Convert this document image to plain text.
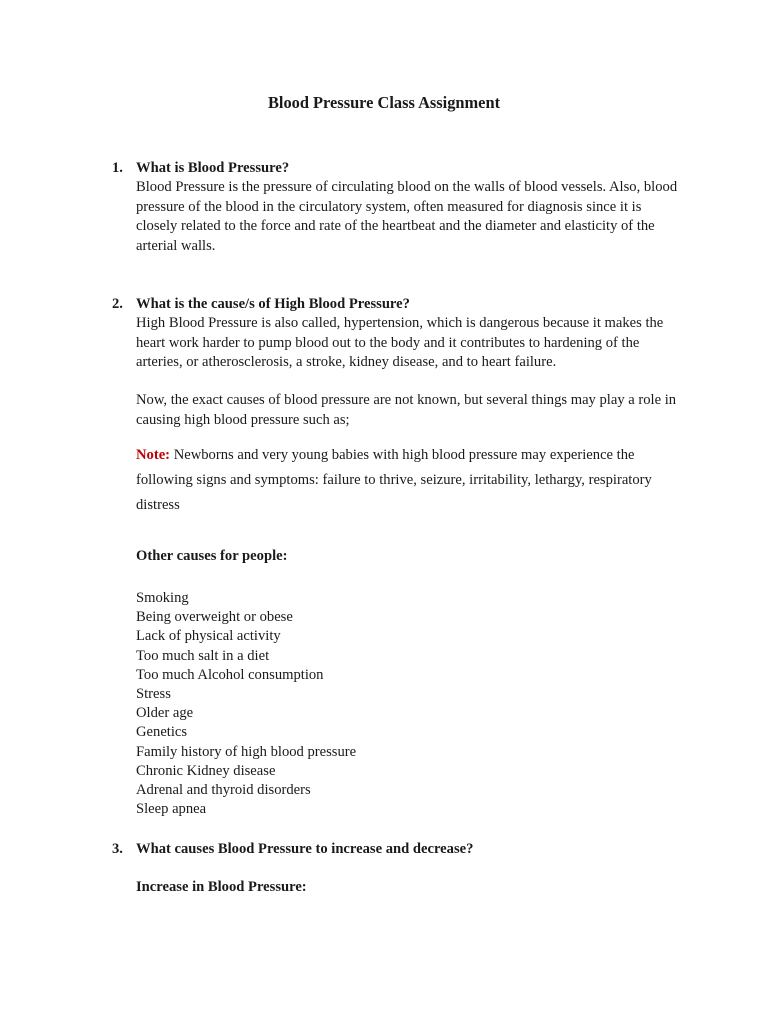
Blood Pressure Class Assignment
1. What is Blood Pressure?

Blood Pressure is the pressure of circulating blood on the walls of blood vessels. Also, blood pressure of the blood in the circulatory system, often measured for diagnosis since it is closely related to the force and rate of the heartbeat and the diameter and elasticity of the arterial walls.

2. What is the cause/s of High Blood Pressure?

High Blood Pressure is also called, hypertension, which is dangerous because it makes the heart work harder to pump blood out to the body and it contributes to hardening of the arteries, or atherosclerosis, a stroke, kidney disease, and to heart failure.

Now, the exact causes of blood pressure are not known, but several things may play a role in causing high blood pressure such as;

Note: Newborns and very young babies with high blood pressure may experience the following signs and symptoms: failure to thrive, seizure, irritability, lethargy, respiratory distress

Other causes for people:
Smoking
Being overweight or obese
Lack of physical activity
Too much salt in a diet
Too much Alcohol consumption
Stress
Older age
Genetics
Family history of high blood pressure
Chronic Kidney disease
Adrenal and thyroid disorders
Sleep apnea
3. What causes Blood Pressure to increase and decrease?
Increase in Blood Pressure:
